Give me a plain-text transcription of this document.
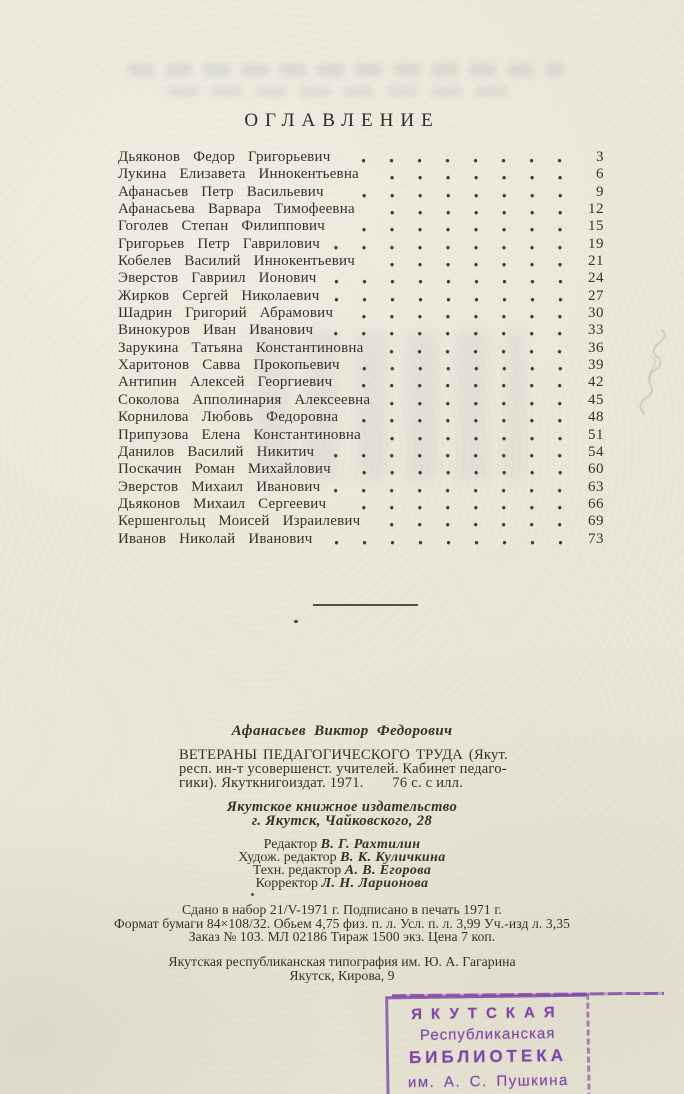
ОГЛАВЛЕНИЕ
Дьяконов Федор Григорьевич	3
Лукина Елизавета Иннокентьевна	6
Афанасьев Петр Васильевич	9
Афанасьева Варвара Тимофеевна	12
Гоголев Степан Филиппович	15
Григорьев Петр Гаврилович	19
Кобелев Василий Иннокентьевич	21
Эверстов Гавриил Ионович	24
Жирков Сергей Николаевич	27
Шадрин Григорий Абрамович	30
Винокуров Иван Иванович	33
Зарукина Татьяна Константиновна	36
Харитонов Савва Прокопьевич	39
Антипин Алексей Георгиевич	42
Соколова Апполинария Алексеевна	45
Корнилова Любовь Федоровна	48
Припузова Елена Константиновна	51
Данилов Василий Никитич	54
Поскачин Роман Михайлович	60
Эверстов Михаил Иванович	63
Дьяконов Михаил Сергеевич	66
Кершенгольц Моисей Израилевич	69
Иванов Николай Иванович	73
Афанасьев Виктор Федорович
ВЕТЕРАНЫ ПЕДАГОГИЧЕСКОГО ТРУДА (Якут.
респ. ин-т усовершенст. учителей. Кабинет педаго-
гики). Якуткнигоиздат. 1971. 76 с. с илл.
Якутское книжное издательство
г. Якутск, Чайковского, 28
Редактор В. Г. Рахтилин
Худож. редактор В. К. Куличкина
Техн. редактор А. В. Егорова
Корректор Л. Н. Ларионова
Сдано в набор 21/V-1971 г. Подписано в печать 1971 г.
Формат бумаги 84×108/32. Обьем 4,75 физ. п. л. Усл. п. л. 3,99 Уч.-изд л. 3,35
Заказ № 103. МЛ 02186 Тираж 1500 экз. Цена 7 коп.
Якутская республиканская типография им. Ю. А. Гагарина
Якутск, Кирова, 9
ЯКУТСКАЯ
Республиканская
БИБЛИОТЕКА
им. А. С. Пушкина
